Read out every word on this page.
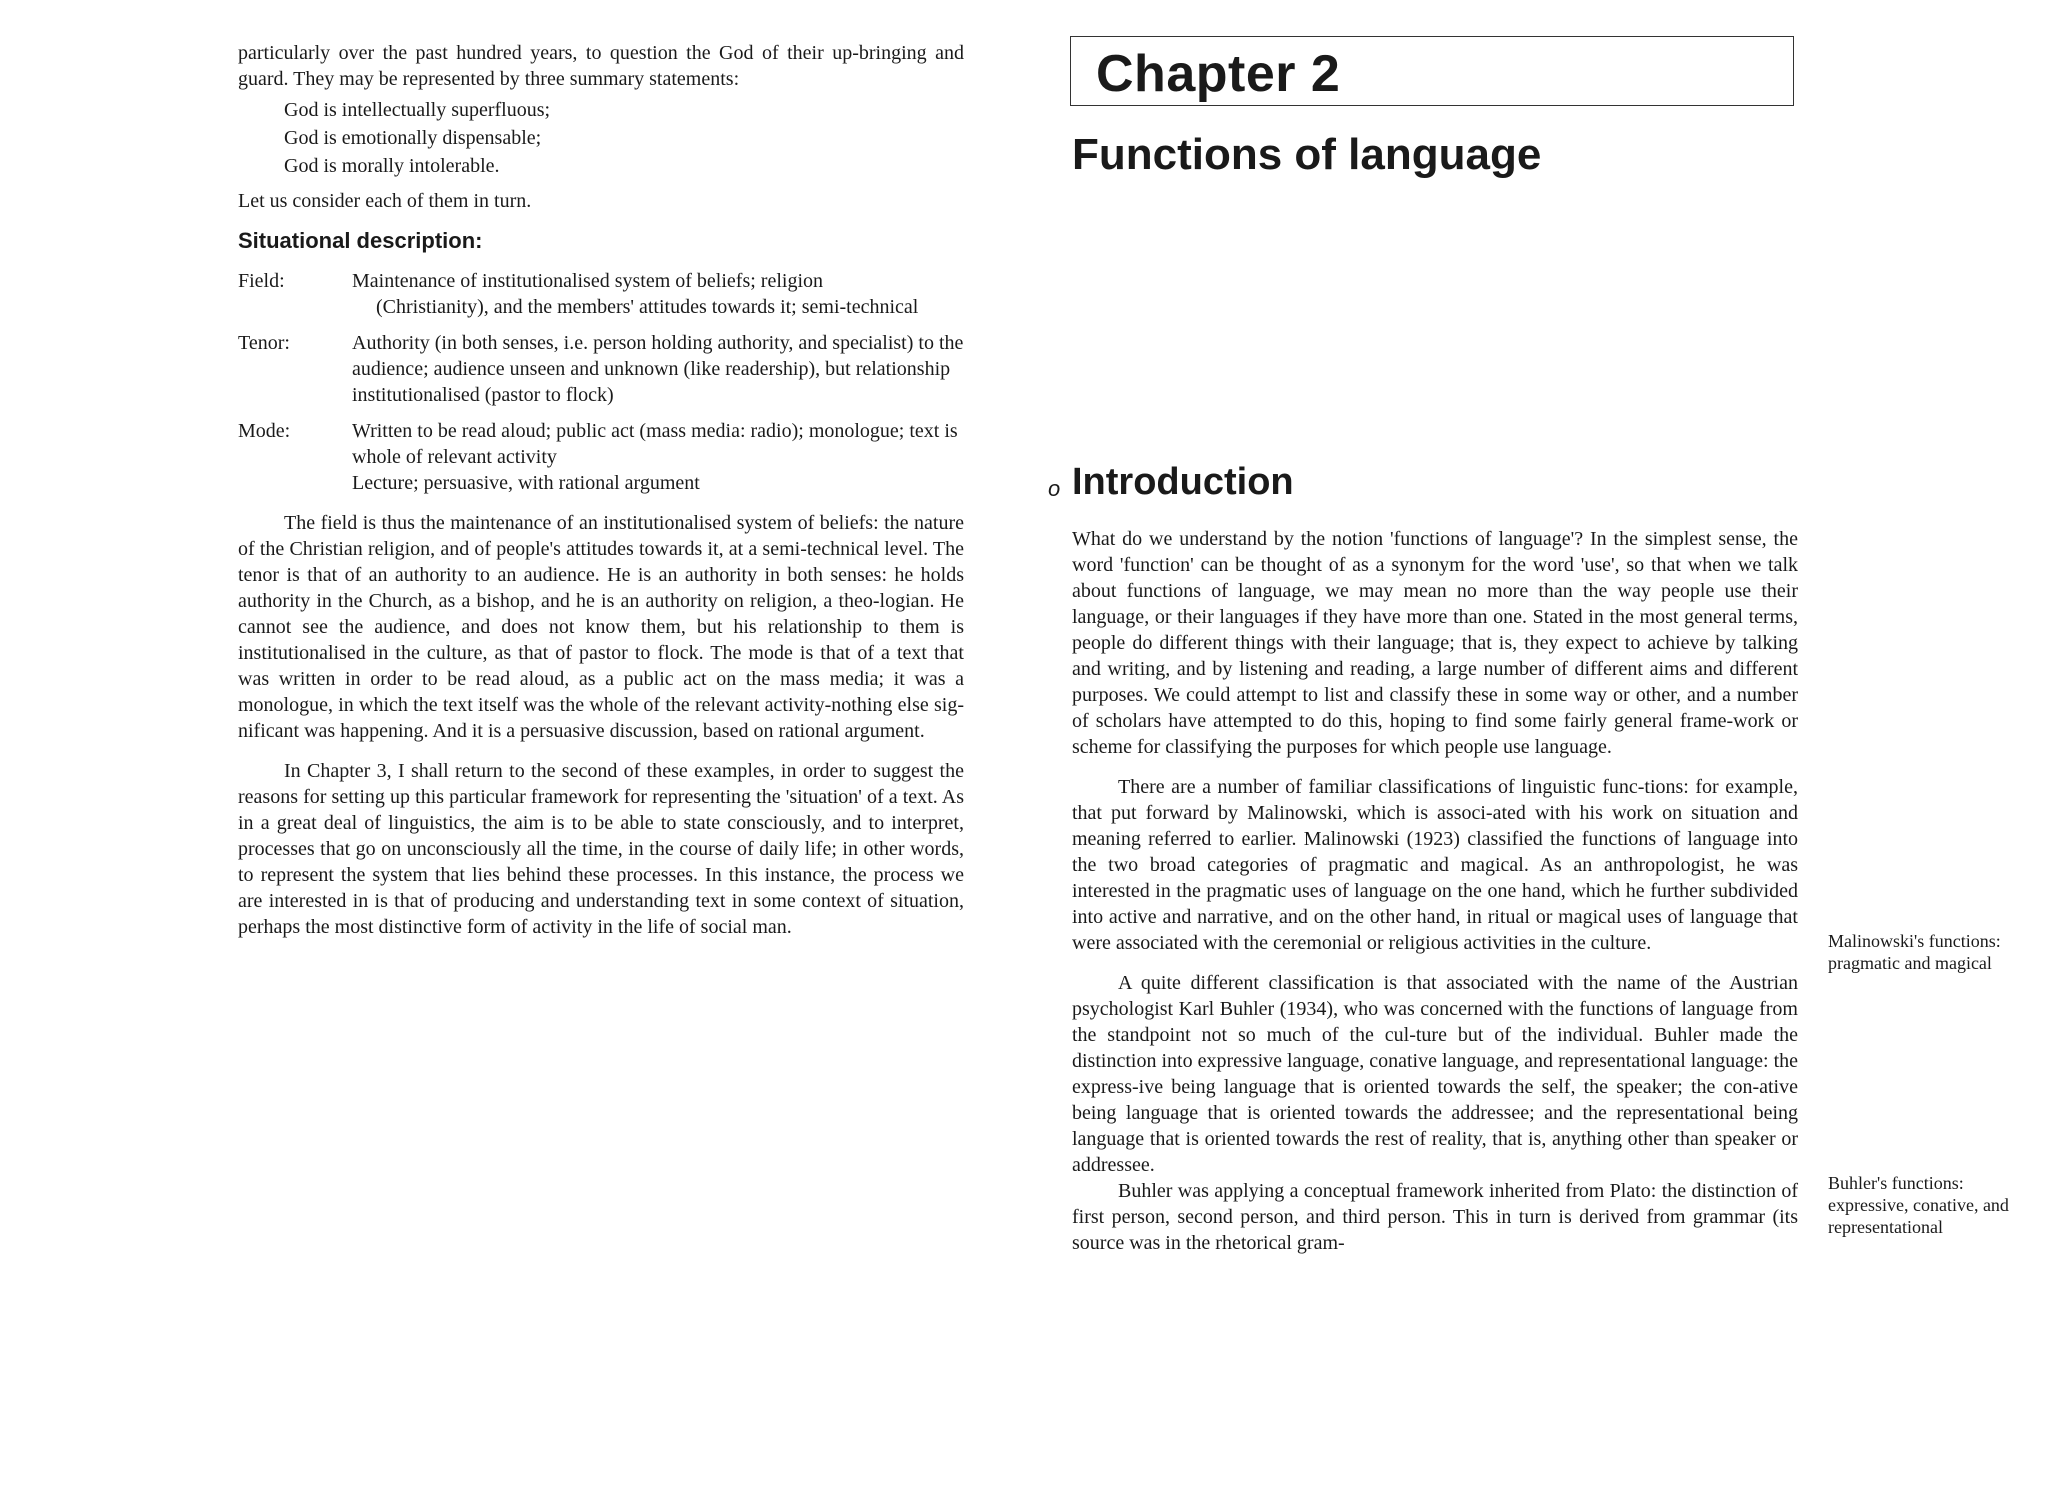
particularly over the past hundred years, to question the God of their up-bringing and guard. They may be represented by three summary statements:

God is intellectually superfluous;
God is emotionally dispensable;
God is morally intolerable.

Let us consider each of them in turn.

Situational description:
Field:	Maintenance of institutionalised system of beliefs; religion
(Christianity), and the members' attitudes towards it; semi-technical
Tenor:	Authority (in both senses, i.e. person holding authority, and specialist) to the audience; audience unseen and unknown (like readership), but relationship institutionalised (pastor to flock)
Mode:	Written to be read aloud; public act (mass media: radio); monologue; text is whole of relevant activity
Lecture; persuasive, with rational argument

The field is thus the maintenance of an institutionalised system of beliefs: the nature of the Christian religion, and of people's attitudes towards it, at a semi-technical level. The tenor is that of an authority to an audience. He is an authority in both senses: he holds authority in the Church, as a bishop, and he is an authority on religion, a theo-logian. He cannot see the audience, and does not know them, but his relationship to them is institutionalised in the culture, as that of pastor to flock. The mode is that of a text that was written in order to be read aloud, as a public act on the mass media; it was a monologue, in which the text itself was the whole of the relevant activity-nothing else sig-nificant was happening. And it is a persuasive discussion, based on rational argument.

In Chapter 3, I shall return to the second of these examples, in order to suggest the reasons for setting up this particular framework for representing the 'situation' of a text. As in a great deal of linguistics, the aim is to be able to state consciously, and to interpret, processes that go on unconsciously all the time, in the course of daily life; in other words, to represent the system that lies behind these processes. In this instance, the process we are interested in is that of producing and understanding text in some context of situation, perhaps the most distinctive form of activity in the life of social man.

Chapter 2
Functions of language
o Introduction

What do we understand by the notion 'functions of language'? In the simplest sense, the word 'function' can be thought of as a synonym for the word 'use', so that when we talk about functions of language, we may mean no more than the way people use their language, or their languages if they have more than one. Stated in the most general terms, people do different things with their language; that is, they expect to achieve by talking and writing, and by listening and reading, a large number of different aims and different purposes. We could attempt to list and classify these in some way or other, and a number of scholars have attempted to do this, hoping to find some fairly general frame-work or scheme for classifying the purposes for which people use language.

There are a number of familiar classifications of linguistic func-tions: for example, that put forward by Malinowski, which is associ-ated with his work on situation and meaning referred to earlier. Malinowski (1923) classified the functions of language into the two broad categories of pragmatic and magical. As an anthropologist, he was interested in the pragmatic uses of language on the one hand, which he further subdivided into active and narrative, and on the other hand, in ritual or magical uses of language that were associated with the ceremonial or religious activities in the culture.

A quite different classification is that associated with the name of the Austrian psychologist Karl Buhler (1934), who was concerned with the functions of language from the standpoint not so much of the cul-ture but of the individual. Buhler made the distinction into expressive language, conative language, and representational language: the express-ive being language that is oriented towards the self, the speaker; the con-ative being language that is oriented towards the addressee; and the representational being language that is oriented towards the rest of reality, that is, anything other than speaker or addressee.

Buhler was applying a conceptual framework inherited from Plato: the distinction of first person, second person, and third person. This in turn is derived from grammar (its source was in the rhetorical gram-

Malinowski's functions: pragmatic and magical
Buhler's functions: expressive, conative, and representational
